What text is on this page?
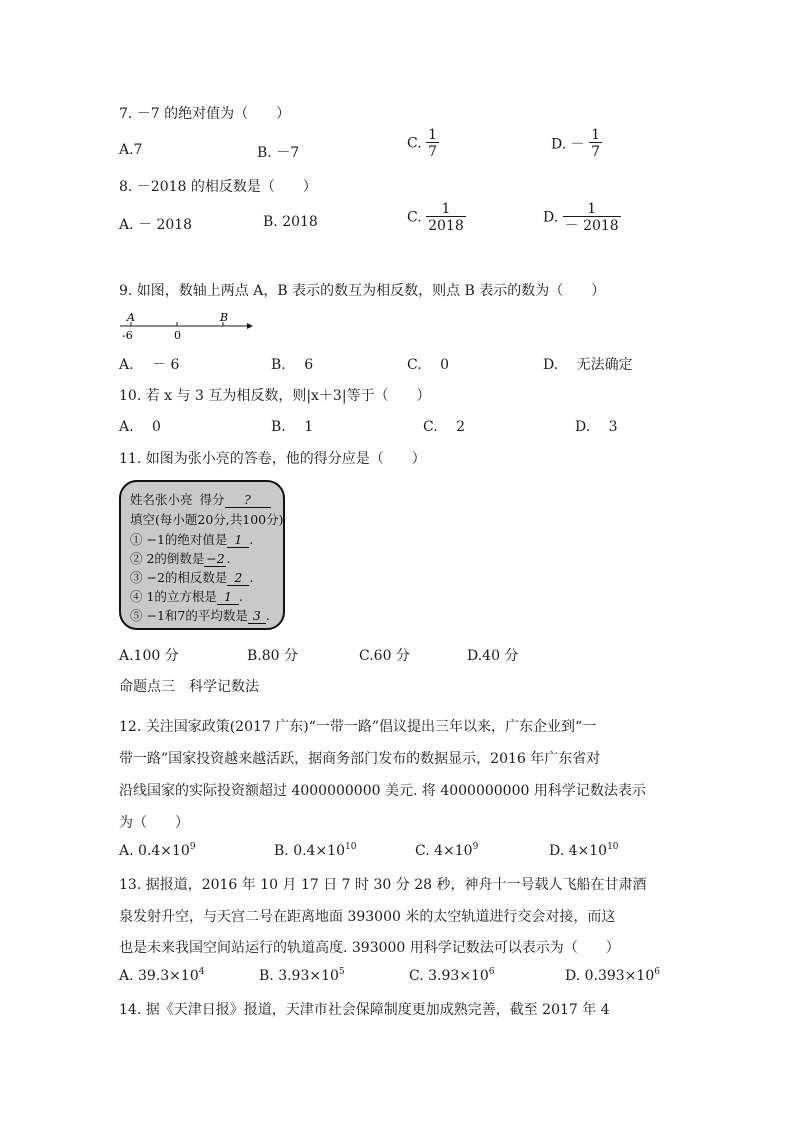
7. －7 的绝对值为（　　）
A.7	B. －7
C. $\frac{1}{7}$	D. － $\frac{1}{7}$
8. －2018 的相反数是（　　）
A. － 2018	B. 2018	C. $\frac{1}{2018}$	D. $\frac{1}{- 2018}$
9. 如图，数轴上两点 A，B 表示的数互为相反数，则点 B 表示的数为（　　）
A	B
-6	0
A.　 － 6	B.　 6	C.　 0	D.　 无法确定
10. 若 x 与 3 互为相反数，则|x＋3|等于（　　）
A.　 0	B.　 1	C.　 2	D.　 3
11. 如图为张小亮的答卷，他的得分应是（　　）
姓名张小亮 得分 ?
填空(每小题20分,共100分)
① −1的绝对值是 1 .
② 2的倒数是 −2 .
③ −2的相反数是 2 .
④ 1的立方根是 1 .
⑤ −1和7的平均数是 3 .
A.100 分	B.80 分	C.60 分	D.40 分
命题点三　科学记数法
12. 关注国家政策(2017 广东)“一带一路”倡议提出三年以来，广东企业到“一
带一路”国家投资越来越活跃，据商务部门发布的数据显示，2016 年广东省对
沿线国家的实际投资额超过 4000000000 美元. 将 4000000000 用科学记数法表示
为（　　）
A. $0.4\times 10^9$	B. $0.4\times 10^{10}$	C. $4\times 10^9$	D. $4\times 10^{10}$
13. 据报道，2016 年 10 月 17 日 7 时 30 分 28 秒，神舟十一号载人飞船在甘肃酒
泉发射升空，与天宫二号在距离地面 393000 米的太空轨道进行交会对接，而这
也是未来我国空间站运行的轨道高度. 393000 用科学记数法可以表示为（　　）
A. $39.3\times 10^4$	B. $3.93\times 10^5$	C. $3.93\times 10^6$	D. $0.393\times 10^6$
14. 据《天津日报》报道，天津市社会保障制度更加成熟完善，截至 2017 年 4
